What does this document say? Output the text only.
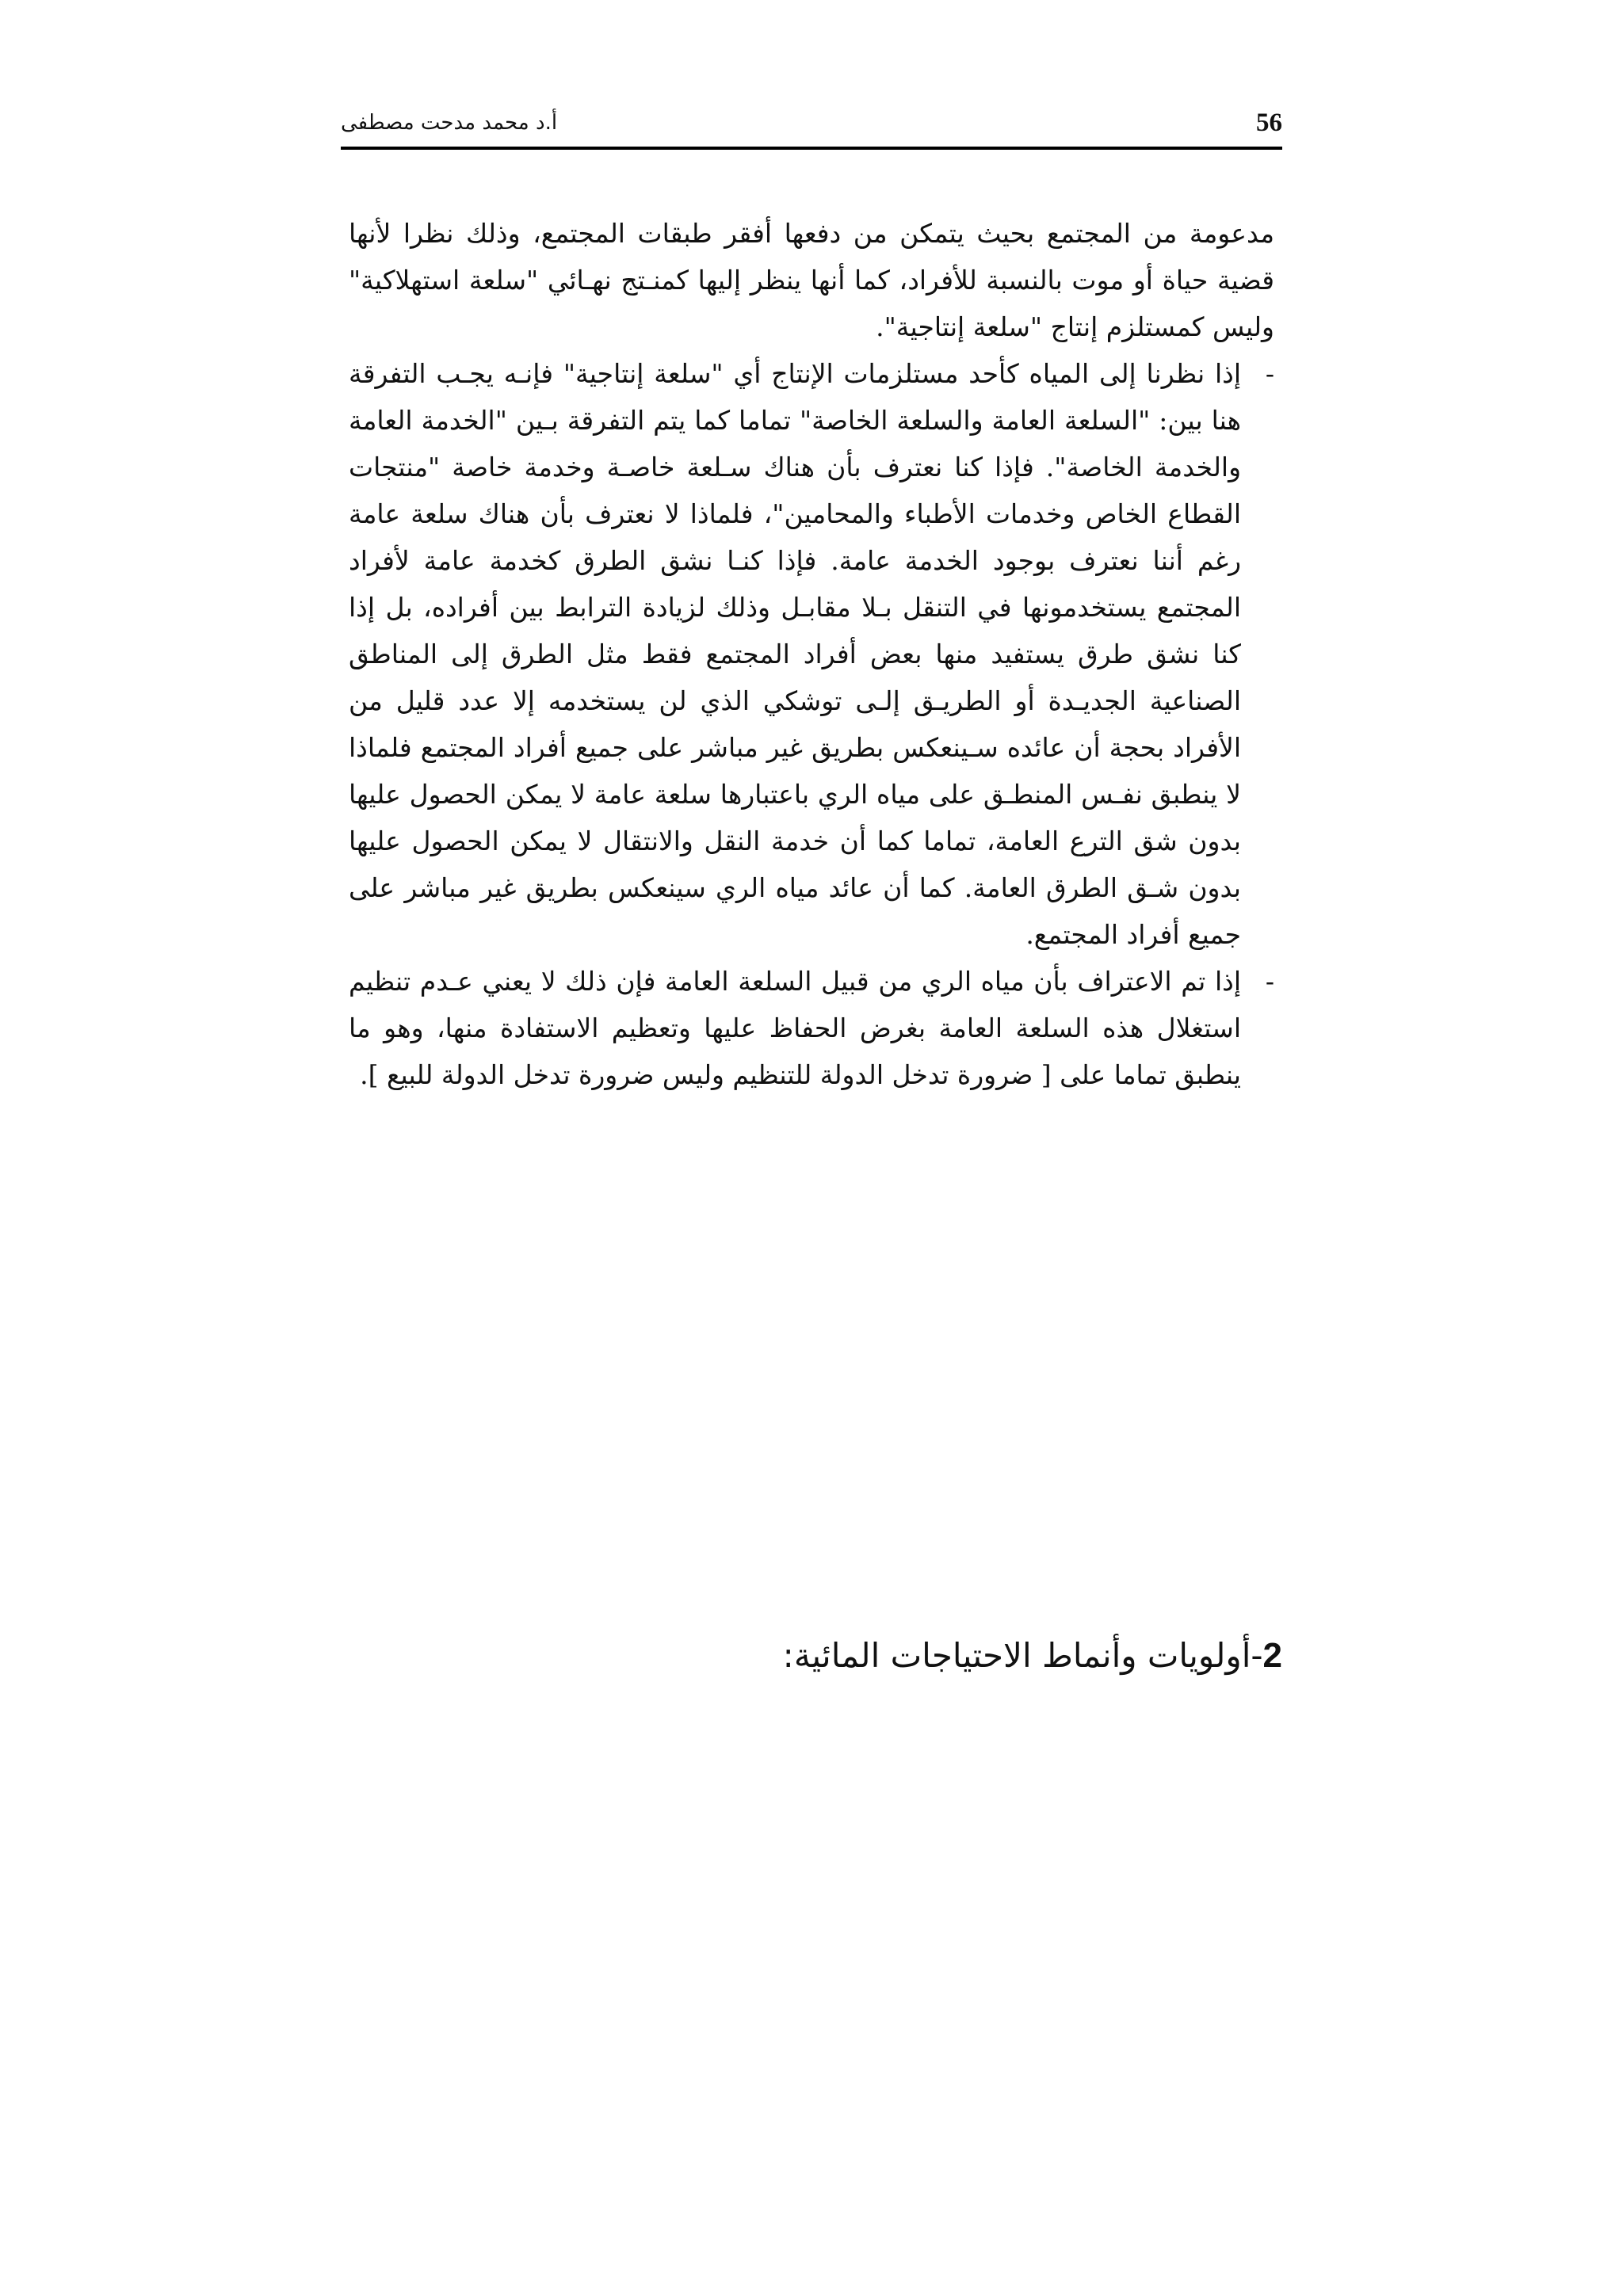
56
أ.د محمد مدحت مصطفى

مدعومة من المجتمع بحيث يتمكن من دفعها أفقر طبقات المجتمع، وذلك نظرا لأنها قضية حياة أو موت بالنسبة للأفراد، كما أنها ينظر إليها كمنـتج نهـائي "سلعة استهلاكية" وليس كمستلزم إنتاج "سلعة إنتاجية".

-
إذا نظرنا إلى المياه كأحد مستلزمات الإنتاج أي "سلعة إنتاجية" فإنـه يجـب التفرقة هنا بين: "السلعة العامة والسلعة الخاصة" تماما كما يتم التفرقة بـين "الخدمة العامة والخدمة الخاصة". فإذا كنا نعترف بأن هناك سـلعة خاصـة وخدمة خاصة "منتجات القطاع الخاص وخدمات الأطباء والمحامين"، فلماذا لا نعترف بأن هناك سلعة عامة رغم أننا نعترف بوجود الخدمة عامة. فإذا كنـا نشق الطرق كخدمة عامة لأفراد المجتمع يستخدمونها في التنقل بـلا مقابـل وذلك لزيادة الترابط بين أفراده، بل إذا كنا نشق طرق يستفيد منها بعض أفراد المجتمع فقط مثل الطرق إلى المناطق الصناعية الجديـدة أو الطريـق إلـى توشكي الذي لن يستخدمه إلا عدد قليل من الأفراد بحجة أن عائده سـينعكس بطريق غير مباشر على جميع أفراد المجتمع فلماذا لا ينطبق نفـس المنطـق على مياه الري باعتبارها سلعة عامة لا يمكن الحصول عليها بدون شق الترع العامة، تماما كما أن خدمة النقل والانتقال لا يمكن الحصول عليها بدون شـق الطرق العامة. كما أن عائد مياه الري سينعكس بطريق غير مباشر على جميع أفراد المجتمع.

-
إذا تم الاعتراف بأن مياه الري من قبيل السلعة العامة فإن ذلك لا يعني عـدم تنظيم استغلال هذه السلعة العامة بغرض الحفاظ عليها وتعظيم الاستفادة منها، وهو ما ينطبق تماما على [ ضرورة تدخل الدولة للتنظيم وليس ضرورة تدخل الدولة للبيع ].

2-أولويات وأنماط الاحتياجات المائية:
